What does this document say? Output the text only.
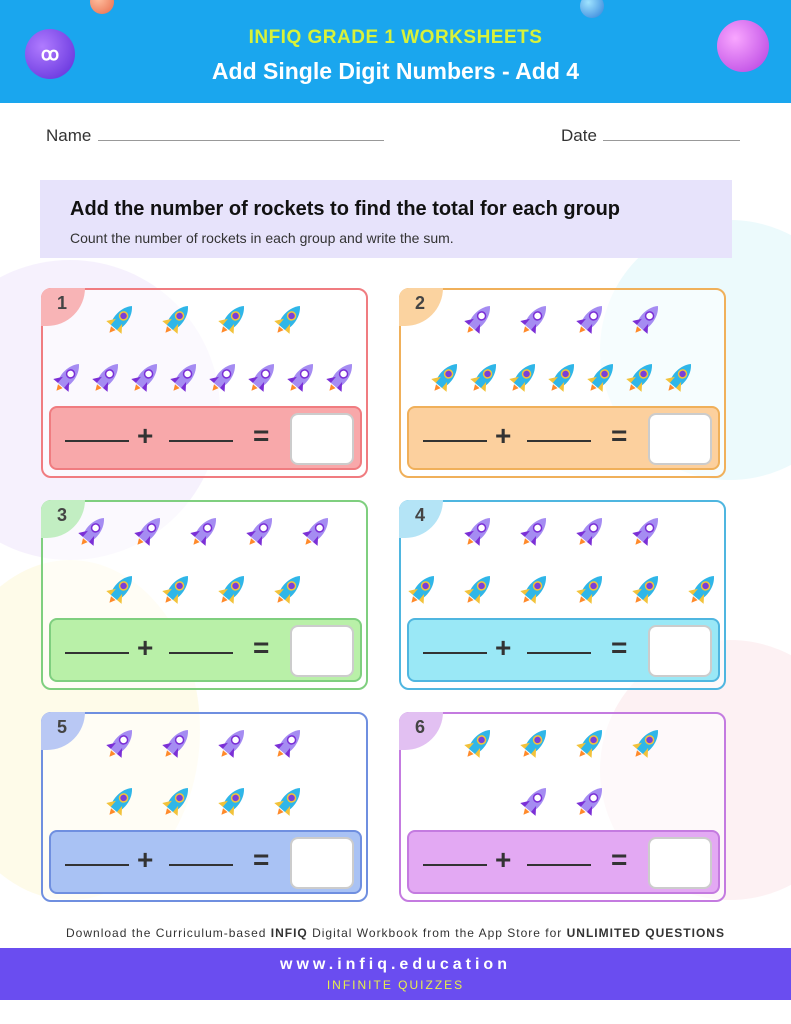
ꝏ
INFIQ GRADE 1 WORKSHEETS
Add Single Digit Numbers - Add 4
Name	Date
Add the number of rockets to find the total for each group
Count the number of rockets in each group and write the sum.
1
+	=
2
+	=
3
+	=
4
+	=
5
+	=
6
+	=
Download the Curriculum-based INFIQ Digital Workbook from the App Store for UNLIMITED QUESTIONS
www.infiq.education
INFINITE QUIZZES
